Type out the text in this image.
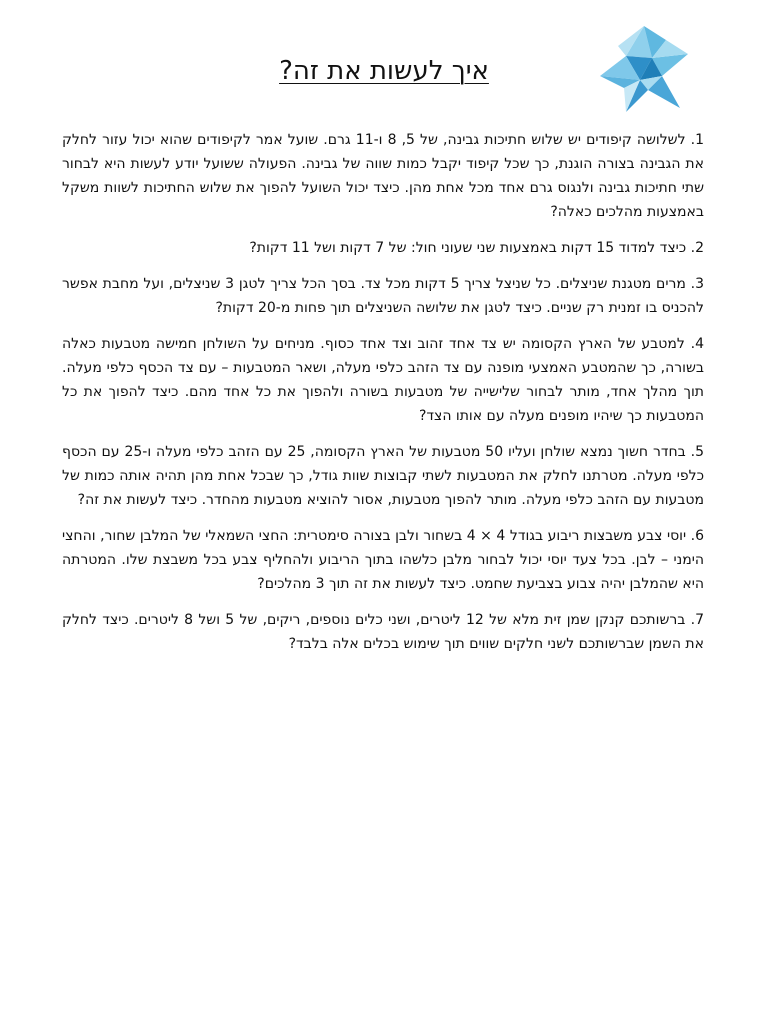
איך לעשות את זה?

1. לשלושה קיפודים יש שלוש חתיכות גבינה, של 5, 8 ו-11 גרם. שועל אמר לקיפודים שהוא יכול עזור לחלק את הגבינה בצורה הוגנת, כך שכל קיפוד יקבל כמות שווה של גבינה. הפעולה ששועל יודע לעשות היא לבחור שתי חתיכות גבינה ולנגוס גרם אחד מכל אחת מהן. כיצד יכול השועל להפוך את שלוש החתיכות לשוות משקל באמצעות מהלכים כאלה?

2. כיצד למדוד 15 דקות באמצעות שני שעוני חול: של 7 דקות ושל 11 דקות?

3. מרים מטגנת שניצלים. כל שניצל צריך 5 דקות מכל צד. בסך הכל צריך לטגן 3 שניצלים, ועל מחבת אפשר להכניס בו זמנית רק שניים. כיצד לטגן את שלושה השניצלים תוך פחות מ-20 דקות?

4. למטבע של הארץ הקסומה יש צד אחד זהוב וצד אחד כסוף. מניחים על השולחן חמישה מטבעות כאלה בשורה, כך שהמטבע האמצעי מופנה עם צד הזהב כלפי מעלה, ושאר המטבעות – עם צד הכסף כלפי מעלה. תוך מהלך אחד, מותר לבחור שלישייה של מטבעות בשורה ולהפוך את כל אחד מהם. כיצד להפוך את כל המטבעות כך שיהיו מופנים מעלה עם אותו הצד?

5. בחדר חשוך נמצא שולחן ועליו 50 מטבעות של הארץ הקסומה, 25 עם הזהב כלפי מעלה ו-25 עם הכסף כלפי מעלה. מטרתנו לחלק את המטבעות לשתי קבוצות שוות גודל, כך שבכל אחת מהן תהיה אותה כמות של מטבעות עם הזהב כלפי מעלה. מותר להפוך מטבעות, אסור להוציא מטבעות מהחדר. כיצד לעשות את זה?

6. יוסי צבע משבצות ריבוע בגודל 4 × 4 בשחור ולבן בצורה סימטרית: החצי השמאלי של המלבן שחור, והחצי הימני – לבן. בכל צעד יוסי יכול לבחור מלבן כלשהו בתוך הריבוע ולהחליף צבע בכל משבצת שלו. המטרתה היא שהמלבן יהיה צבוע בצביעת שחמט. כיצד לעשות את זה תוך 3 מהלכים?

7. ברשותכם קנקן שמן זית מלא של 12 ליטרים, ושני כלים נוספים, ריקים, של 5 ושל 8 ליטרים. כיצד לחלק את השמן שברשותכם לשני חלקים שווים תוך שימוש בכלים אלה בלבד?
